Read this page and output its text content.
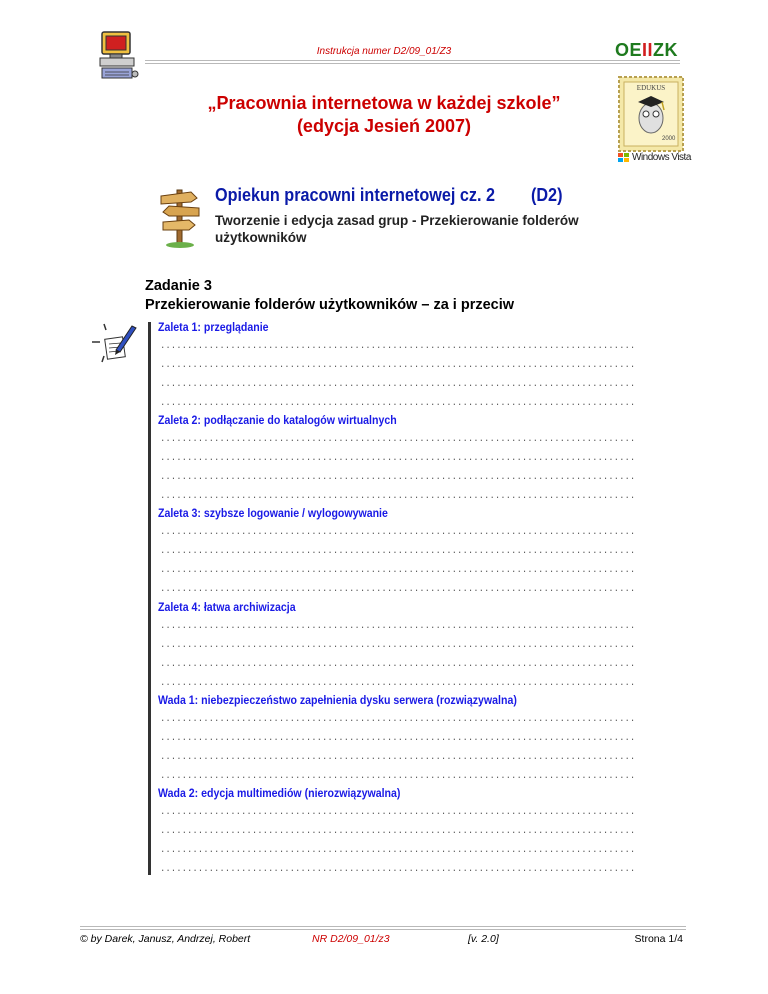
Instrukcja numer D2/09_01/Z3	OEIIZK
EDUKUS
2000
Windows Vista
„Pracownia internetowa w każdej szkole”
(edycja Jesień 2007)
Opiekun pracowni internetowej cz. 2        (D2)
Tworzenie i edycja zasad grup - Przekierowanie folderów użytkowników
Zadanie 3
Przekierowanie folderów użytkowników – za i przeciw
Zaleta 1: przeglądanie
........................................................................................
........................................................................................
........................................................................................
........................................................................................
Zaleta 2: podłączanie do katalogów wirtualnych
........................................................................................
........................................................................................
........................................................................................
........................................................................................
Zaleta 3: szybsze logowanie / wylogowywanie
........................................................................................
........................................................................................
........................................................................................
........................................................................................
Zaleta 4: łatwa archiwizacja
........................................................................................
........................................................................................
........................................................................................
........................................................................................
Wada 1: niebezpieczeństwo zapełnienia dysku serwera (rozwiązywalna)
........................................................................................
........................................................................................
........................................................................................
........................................................................................
Wada 2: edycja multimediów (nierozwiązywalna)
........................................................................................
........................................................................................
........................................................................................
........................................................................................
© by Darek, Janusz, Andrzej, Robert	NR D2/09_01/z3	[v. 2.0]	Strona 1/4
